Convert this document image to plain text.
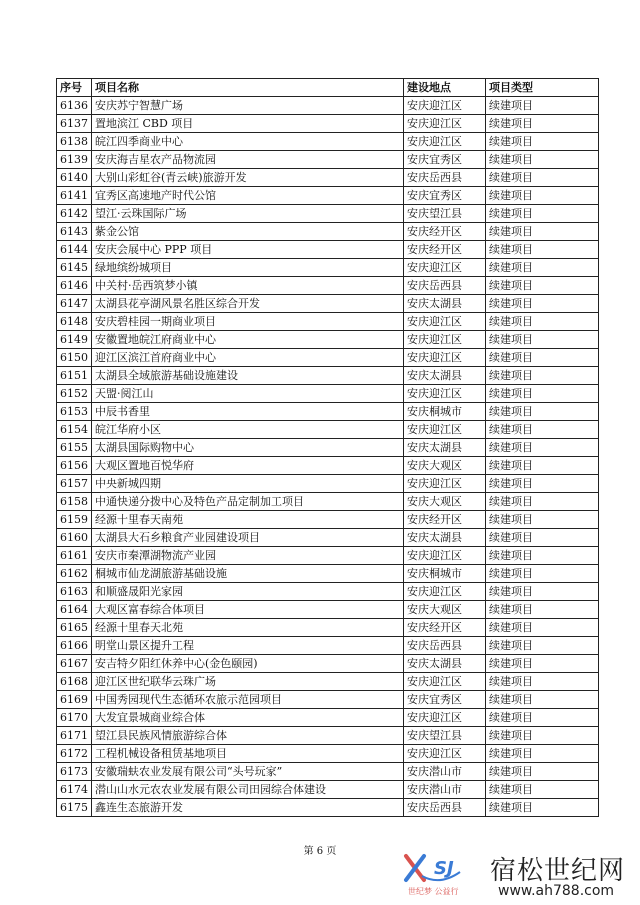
序号	项目名称	建设地点	项目类型
6136	安庆苏宁智慧广场	安庆迎江区	续建项目
6137	置地滨江 CBD 项目	安庆迎江区	续建项目
6138	皖江四季商业中心	安庆迎江区	续建项目
6139	安庆海吉星农产品物流园	安庆宜秀区	续建项目
6140	大别山彩虹谷(青云峡)旅游开发	安庆岳西县	续建项目
6141	宜秀区高速地产时代公馆	安庆宜秀区	续建项目
6142	望江·云珠国际广场	安庆望江县	续建项目
6143	紫金公馆	安庆经开区	续建项目
6144	安庆会展中心 PPP 项目	安庆经开区	续建项目
6145	绿地缤纷城项目	安庆迎江区	续建项目
6146	中关村·岳西筑梦小镇	安庆岳西县	续建项目
6147	太湖县花亭湖风景名胜区综合开发	安庆太湖县	续建项目
6148	安庆碧桂园一期商业项目	安庆迎江区	续建项目
6149	安徽置地皖江府商业中心	安庆迎江区	续建项目
6150	迎江区滨江首府商业中心	安庆迎江区	续建项目
6151	太湖县全域旅游基础设施建设	安庆太湖县	续建项目
6152	天盟·阅江山	安庆迎江区	续建项目
6153	中辰书香里	安庆桐城市	续建项目
6154	皖江华府小区	安庆迎江区	续建项目
6155	太湖县国际购物中心	安庆太湖县	续建项目
6156	大观区置地百悦华府	安庆大观区	续建项目
6157	中央新城四期	安庆迎江区	续建项目
6158	中通快递分拨中心及特色产品定制加工项目	安庆大观区	续建项目
6159	经源十里春天南苑	安庆经开区	续建项目
6160	太湖县大石乡粮食产业园建设项目	安庆太湖县	续建项目
6161	安庆市秦潭湖物流产业园	安庆迎江区	续建项目
6162	桐城市仙龙湖旅游基础设施	安庆桐城市	续建项目
6163	和顺盛晟阳光家园	安庆迎江区	续建项目
6164	大观区富春综合体项目	安庆大观区	续建项目
6165	经源十里春天北苑	安庆经开区	续建项目
6166	明堂山景区提升工程	安庆岳西县	续建项目
6167	安吉特夕阳红休养中心(金色颐园)	安庆太湖县	续建项目
6168	迎江区世纪联华云珠广场	安庆迎江区	续建项目
6169	中国秀园现代生态循环农旅示范园项目	安庆宜秀区	续建项目
6170	大发宜景城商业综合体	安庆迎江区	续建项目
6171	望江县民族风情旅游综合体	安庆望江县	续建项目
6172	工程机械设备租赁基地项目	安庆迎江区	续建项目
6173	安徽瑞蚨农业发展有限公司“头号玩家”	安庆潜山市	续建项目
6174	潜山山水元农农业发展有限公司田园综合体建设	安庆潜山市	续建项目
6175	鑫连生态旅游开发	安庆岳西县	续建项目
第 6 页
SJ
世纪梦 公益行
宿松世纪网
www.ah788.com
